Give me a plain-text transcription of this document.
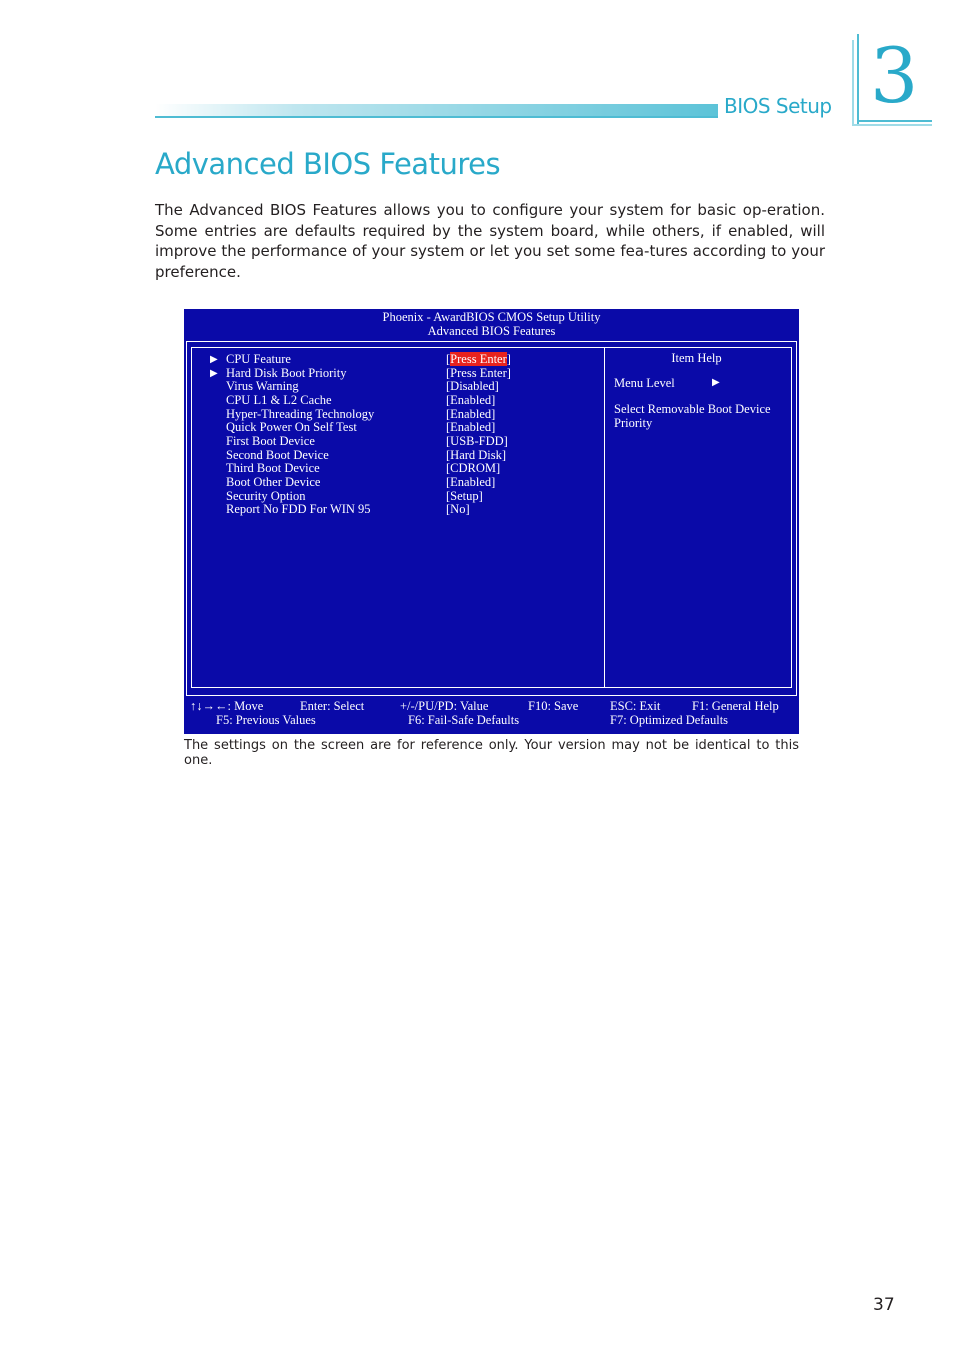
BIOS Setup 3
Advanced BIOS Features

The Advanced BIOS Features allows you to configure your system for basic op-eration. Some entries are defaults required by the system board, while others, if enabled, will improve the performance of your system or let you set some fea-tures according to your preference.

Phoenix - AwardBIOS CMOS Setup Utility
Advanced BIOS Features
▶ CPU Feature	[Press Enter]
▶ Hard Disk Boot Priority	[Press Enter]
Virus Warning	[Disabled]
CPU L1 & L2 Cache	[Enabled]
Hyper-Threading Technology	[Enabled]
Quick Power On Self Test	[Enabled]
First Boot Device	[USB-FDD]
Second Boot Device	[Hard Disk]
Third Boot Device	[CDROM]
Boot Other Device	[Enabled]
Security Option	[Setup]
Report No FDD For WIN 95	[No]
Item Help
Menu Level	▶
Select Removable Boot Device Priority
↑↓→←: Move	Enter: Select	+/-/PU/PD: Value	F10: Save	ESC: Exit	F1: General Help
F5: Previous Values	F6: Fail-Safe Defaults	F7: Optimized Defaults

The settings on the screen are for reference only. Your version may not be identical to this one.

37
